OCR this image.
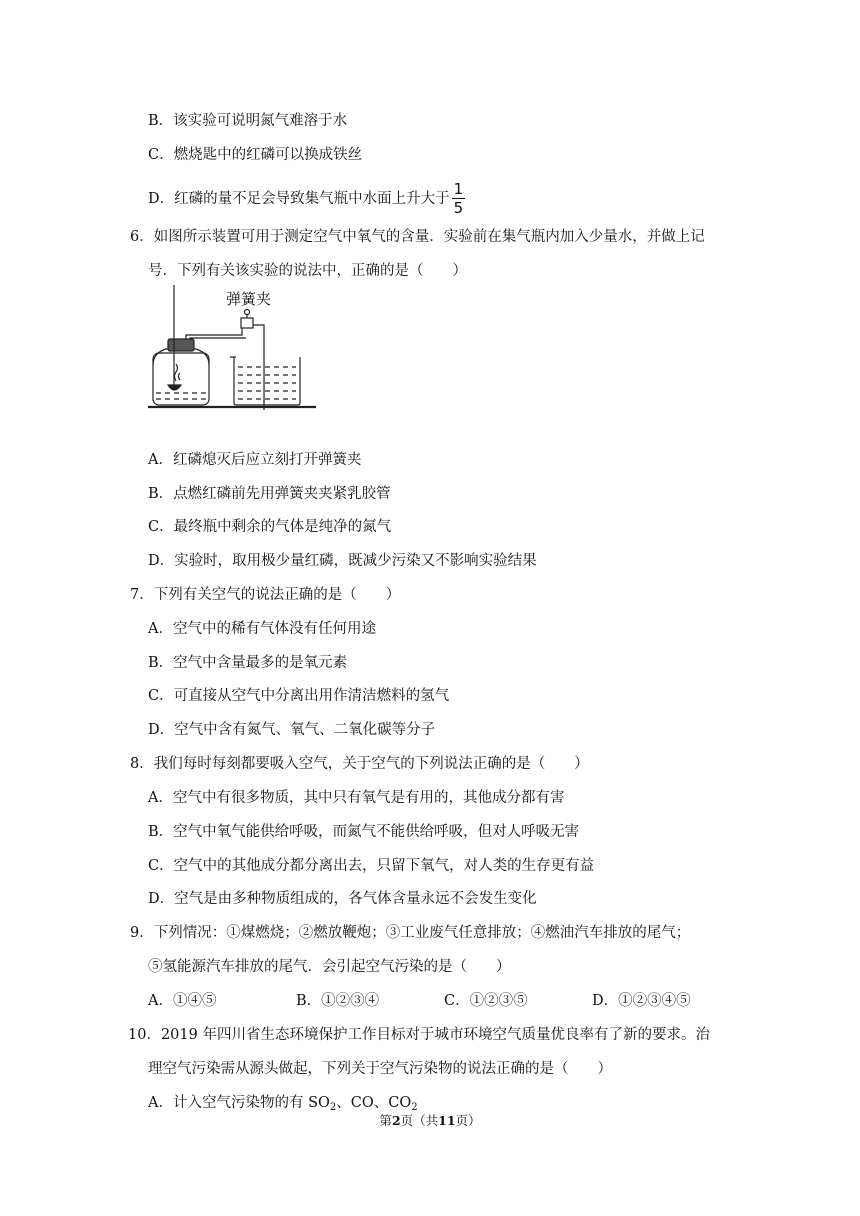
B．该实验可说明氮气难溶于水
C．燃烧匙中的红磷可以换成铁丝
D．红磷的量不足会导致集气瓶中水面上升大于 $\frac{1}{5}$
6．如图所示装置可用于测定空气中氧气的含量．实验前在集气瓶内加入少量水，并做上记
号．下列有关该实验的说法中，正确的是（　　）
弹簧夹
A．红磷熄灭后应立刻打开弹簧夹
B．点燃红磷前先用弹簧夹夹紧乳胶管
C．最终瓶中剩余的气体是纯净的氮气
D．实验时，取用极少量红磷，既减少污染又不影响实验结果
7．下列有关空气的说法正确的是（　　）
A．空气中的稀有气体没有任何用途
B．空气中含量最多的是氧元素
C．可直接从空气中分离出用作清洁燃料的氢气
D．空气中含有氮气、氧气、二氧化碳等分子
8．我们每时每刻都要吸入空气，关于空气的下列说法正确的是（　　）
A．空气中有很多物质，其中只有氧气是有用的，其他成分都有害
B．空气中氧气能供给呼吸，而氮气不能供给呼吸，但对人呼吸无害
C．空气中的其他成分都分离出去，只留下氧气，对人类的生存更有益
D．空气是由多种物质组成的，各气体含量永远不会发生变化
9．下列情况：①煤燃烧；②燃放鞭炮；③工业废气任意排放；④燃油汽车排放的尾气；
⑤氢能源汽车排放的尾气．会引起空气污染的是（　　）
A．①④⑤	B．①②③④	C．①②③⑤	D．①②③④⑤
10．2019 年四川省生态环境保护工作目标对于城市环境空气质量优良率有了新的要求。治
理空气污染需从源头做起，下列关于空气污染物的说法正确的是（　　）
A．计入空气污染物的有 $SO_2$、CO、$CO_2$
第2页（共11页）
